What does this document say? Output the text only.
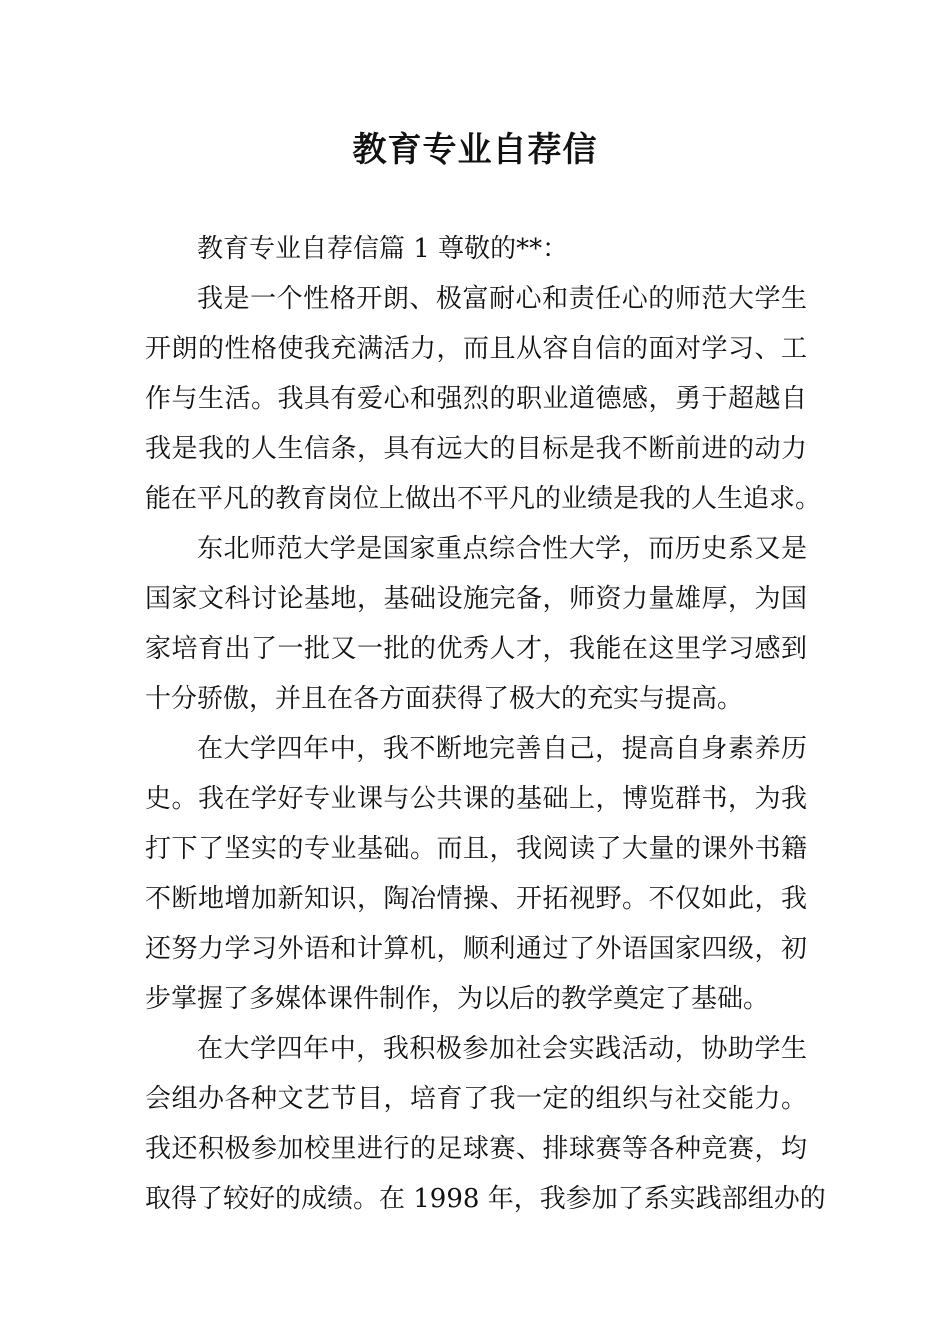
教育专业自荐信
教育专业自荐信篇 1 尊敬的**：
我是一个性格开朗、极富耐心和责任心的师范大学生
开朗的性格使我充满活力，而且从容自信的面对学习、工
作与生活。我具有爱心和强烈的职业道德感，勇于超越自
我是我的人生信条，具有远大的目标是我不断前进的动力
能在平凡的教育岗位上做出不平凡的业绩是我的人生追求。
东北师范大学是国家重点综合性大学，而历史系又是
国家文科讨论基地，基础设施完备，师资力量雄厚，为国
家培育出了一批又一批的优秀人才，我能在这里学习感到
十分骄傲，并且在各方面获得了极大的充实与提高。
在大学四年中，我不断地完善自己，提高自身素养历
史。我在学好专业课与公共课的基础上，博览群书，为我
打下了坚实的专业基础。而且，我阅读了大量的课外书籍
不断地增加新知识，陶冶情操、开拓视野。不仅如此，我
还努力学习外语和计算机，顺利通过了外语国家四级，初
步掌握了多媒体课件制作，为以后的教学奠定了基础。
在大学四年中，我积极参加社会实践活动，协助学生
会组办各种文艺节目，培育了我一定的组织与社交能力。
我还积极参加校里进行的足球赛、排球赛等各种竞赛，均
取得了较好的成绩。在 1998 年，我参加了系实践部组办的
